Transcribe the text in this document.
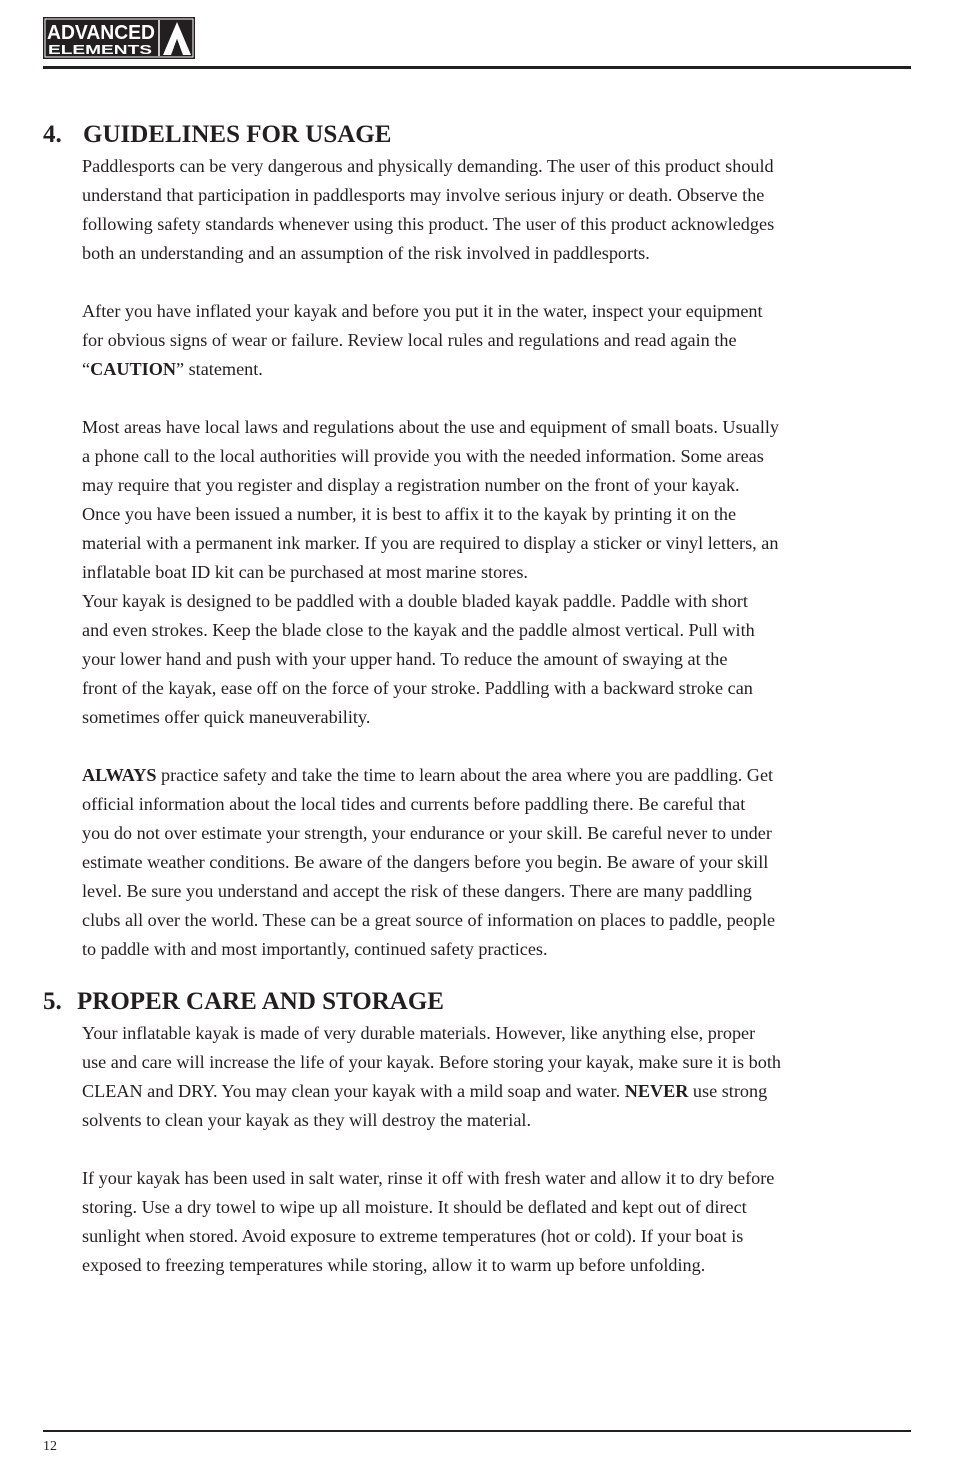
ADVANCED
ELEMENTS
4. GUIDELINES FOR USAGE

Paddlesports can be very dangerous and physically demanding. The user of this product should
understand that participation in paddlesports may involve serious injury or death. Observe the
following safety standards whenever using this product. The user of this product acknowledges
both an understanding and an assumption of the risk involved in paddlesports.

After you have inflated your kayak and before you put it in the water, inspect your equipment
for obvious signs of wear or failure. Review local rules and regulations and read again the
“CAUTION” statement.

Most areas have local laws and regulations about the use and equipment of small boats. Usually
a phone call to the local authorities will provide you with the needed information. Some areas
may require that you register and display a registration number on the front of your kayak.
Once you have been issued a number, it is best to affix it to the kayak by printing it on the
material with a permanent ink marker. If you are required to display a sticker or vinyl letters, an
inflatable boat ID kit can be purchased at most marine stores.
Your kayak is designed to be paddled with a double bladed kayak paddle. Paddle with short
and even strokes. Keep the blade close to the kayak and the paddle almost vertical. Pull with
your lower hand and push with your upper hand. To reduce the amount of swaying at the
front of the kayak, ease off on the force of your stroke. Paddling with a backward stroke can
sometimes offer quick maneuverability.

ALWAYS practice safety and take the time to learn about the area where you are paddling. Get
official information about the local tides and currents before paddling there. Be careful that
you do not over estimate your strength, your endurance or your skill. Be careful never to under
estimate weather conditions. Be aware of the dangers before you begin. Be aware of your skill
level. Be sure you understand and accept the risk of these dangers. There are many paddling
clubs all over the world. These can be a great source of information on places to paddle, people
to paddle with and most importantly, continued safety practices.

5. PROPER CARE AND STORAGE

Your inflatable kayak is made of very durable materials. However, like anything else, proper
use and care will increase the life of your kayak. Before storing your kayak, make sure it is both
CLEAN and DRY. You may clean your kayak with a mild soap and water. NEVER use strong
solvents to clean your kayak as they will destroy the material.

If your kayak has been used in salt water, rinse it off with fresh water and allow it to dry before
storing. Use a dry towel to wipe up all moisture. It should be deflated and kept out of direct
sunlight when stored. Avoid exposure to extreme temperatures (hot or cold). If your boat is
exposed to freezing temperatures while storing, allow it to warm up before unfolding.

12
